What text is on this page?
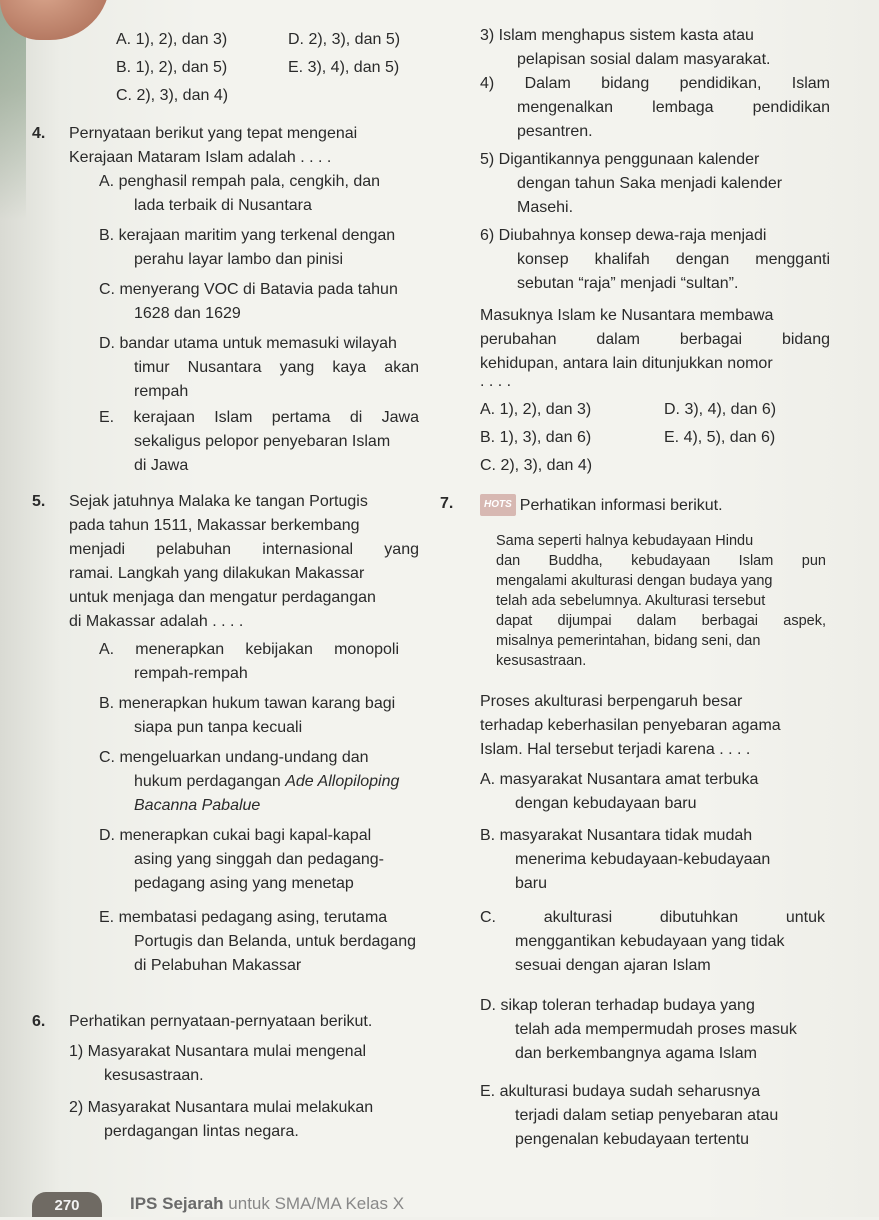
A. 1), 2), dan 3)	D. 2), 3), dan 5)
B. 1), 2), dan 5)	E. 3), 4), dan 5)
C. 2), 3), dan 4)
4. Pernyataan berikut yang tepat mengenai
Kerajaan Mataram Islam adalah . . . .
A. penghasil rempah pala, cengkih, dan
lada terbaik di Nusantara
B. kerajaan maritim yang terkenal dengan
perahu layar lambo dan pinisi
C. menyerang VOC di Batavia pada tahun
1628 dan 1629
D. bandar utama untuk memasuki wilayah
timur Nusantara yang kaya akan
rempah
E. kerajaan Islam pertama di Jawa
sekaligus pelopor penyebaran Islam
di Jawa
5. Sejak jatuhnya Malaka ke tangan Portugis
pada tahun 1511, Makassar berkembang
menjadi pelabuhan internasional yang
ramai. Langkah yang dilakukan Makassar
untuk menjaga dan mengatur perdagangan
di Makassar adalah . . . .
A. menerapkan kebijakan monopoli
rempah-rempah
B. menerapkan hukum tawan karang bagi
siapa pun tanpa kecuali
C. mengeluarkan undang-undang dan
hukum perdagangan Ade Allopiloping
Bacanna Pabalue
D. menerapkan cukai bagi kapal-kapal
asing yang singgah dan pedagang-
pedagang asing yang menetap
E. membatasi pedagang asing, terutama
Portugis dan Belanda, untuk berdagang
di Pelabuhan Makassar
6. Perhatikan pernyataan-pernyataan berikut.
1) Masyarakat Nusantara mulai mengenal
kesusastraan.
2) Masyarakat Nusantara mulai melakukan
perdagangan lintas negara.
3) Islam menghapus sistem kasta atau
pelapisan sosial dalam masyarakat.
4) Dalam bidang pendidikan, Islam
mengenalkan lembaga pendidikan
pesantren.
5) Digantikannya penggunaan kalender
dengan tahun Saka menjadi kalender
Masehi.
6) Diubahnya konsep dewa-raja menjadi
konsep khalifah dengan mengganti
sebutan “raja” menjadi “sultan”.
Masuknya Islam ke Nusantara membawa
perubahan dalam berbagai bidang
kehidupan, antara lain ditunjukkan nomor
. . . .
A. 1), 2), dan 3)	D. 3), 4), dan 6)
B. 1), 3), dan 6)	E. 4), 5), dan 6)
C. 2), 3), dan 4)
7.	HOTS Perhatikan informasi berikut.
Sama seperti halnya kebudayaan Hindu
dan Buddha, kebudayaan Islam pun
mengalami akulturasi dengan budaya yang
telah ada sebelumnya. Akulturasi tersebut
dapat dijumpai dalam berbagai aspek,
misalnya pemerintahan, bidang seni, dan
kesusastraan.
Proses akulturasi berpengaruh besar
terhadap keberhasilan penyebaran agama
Islam. Hal tersebut terjadi karena . . . .
A. masyarakat Nusantara amat terbuka
dengan kebudayaan baru
B. masyarakat Nusantara tidak mudah
menerima kebudayaan-kebudayaan
baru
C. akulturasi dibutuhkan untuk
menggantikan kebudayaan yang tidak
sesuai dengan ajaran Islam
D. sikap toleran terhadap budaya yang
telah ada mempermudah proses masuk
dan berkembangnya agama Islam
E. akulturasi budaya sudah seharusnya
terjadi dalam setiap penyebaran atau
pengenalan kebudayaan tertentu
270	IPS Sejarah untuk SMA/MA Kelas X
